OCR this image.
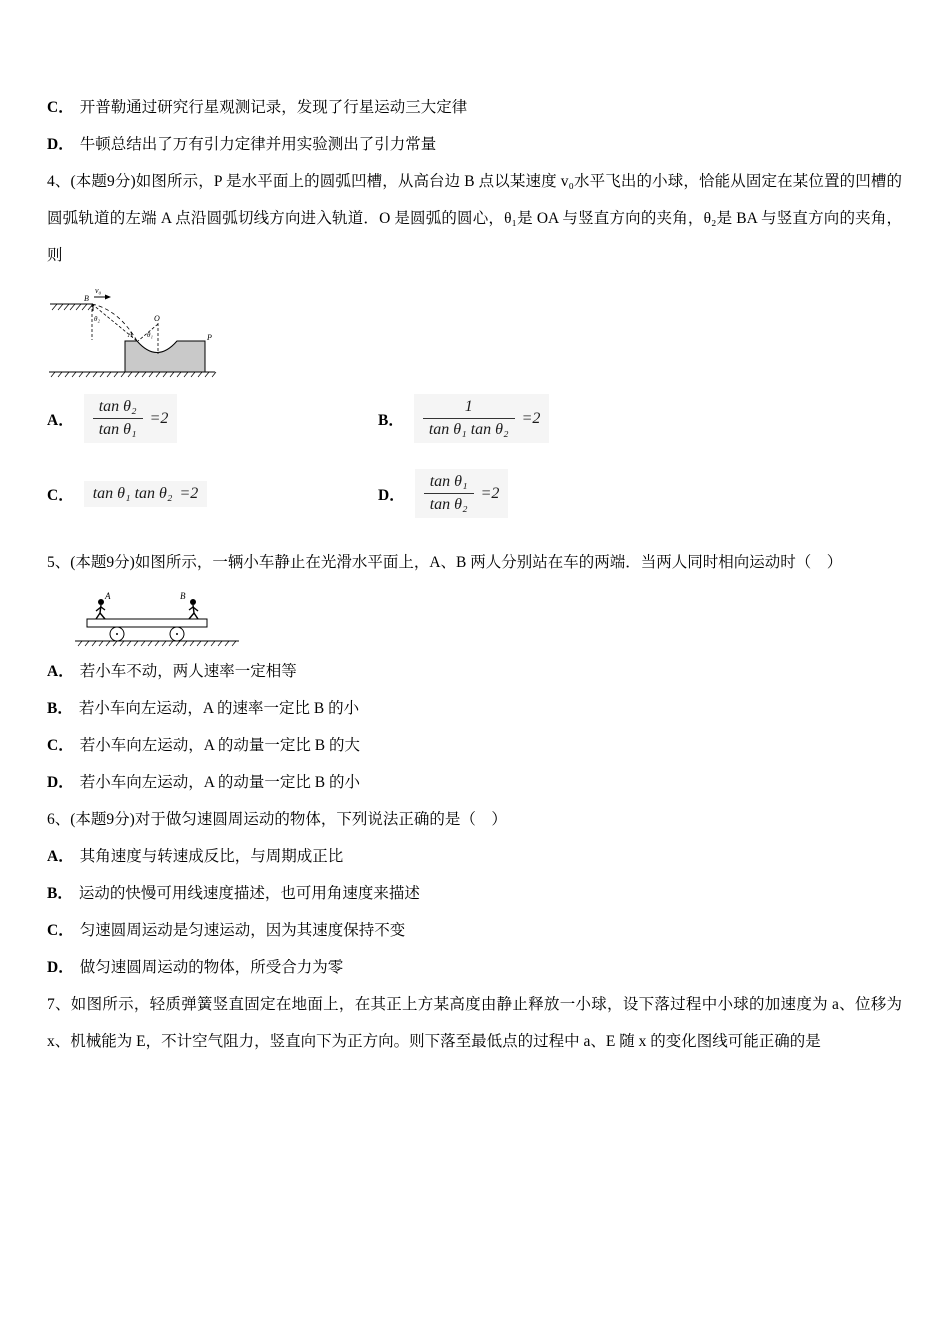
C． 开普勒通过研究行星观测记录，发现了行星运动三大定律
D． 牛顿总结出了万有引力定律并用实验测出了引力常量
4、(本题9分)如图所示，P 是水平面上的圆弧凹槽，从高台边 B 点以某速度 v₀水平飞出的小球，恰能从固定在某位置的凹槽的圆弧轨道的左端 A 点沿圆弧切线方向进入轨道．O 是圆弧的圆心，θ₁是 OA 与竖直方向的夹角，θ₂是 BA 与竖直方向的夹角，则
v₀
B
θ₂	O
θ₁
A	P
A． $\frac{\text{tan θ₂}}{\text{tan θ₁}} =2$	B． $\frac{1}{\text{tan θ₁ tan θ₂}} =2$
C． tan θ₁ tan θ₂ =2	D． $\frac{\text{tan θ₁}}{\text{tan θ₂}} =2$
5、(本题9分)如图所示，一辆小车静止在光滑水平面上，A、B 两人分别站在车的两端．当两人同时相向运动时（　）
A	B
A． 若小车不动，两人速率一定相等
B． 若小车向左运动，A 的速率一定比 B 的小
C． 若小车向左运动，A 的动量一定比 B 的大
D． 若小车向左运动，A 的动量一定比 B 的小
6、(本题9分)对于做匀速圆周运动的物体，下列说法正确的是（　）
A． 其角速度与转速成反比，与周期成正比
B． 运动的快慢可用线速度描述，也可用角速度来描述
C． 匀速圆周运动是匀速运动，因为其速度保持不变
D． 做匀速圆周运动的物体，所受合力为零
7、如图所示，轻质弹簧竖直固定在地面上，在其正上方某高度由静止释放一小球，设下落过程中小球的加速度为 a、位移为 x、机械能为 E，不计空气阻力，竖直向下为正方向。则下落至最低点的过程中 a、E 随 x 的变化图线可能正确的是
